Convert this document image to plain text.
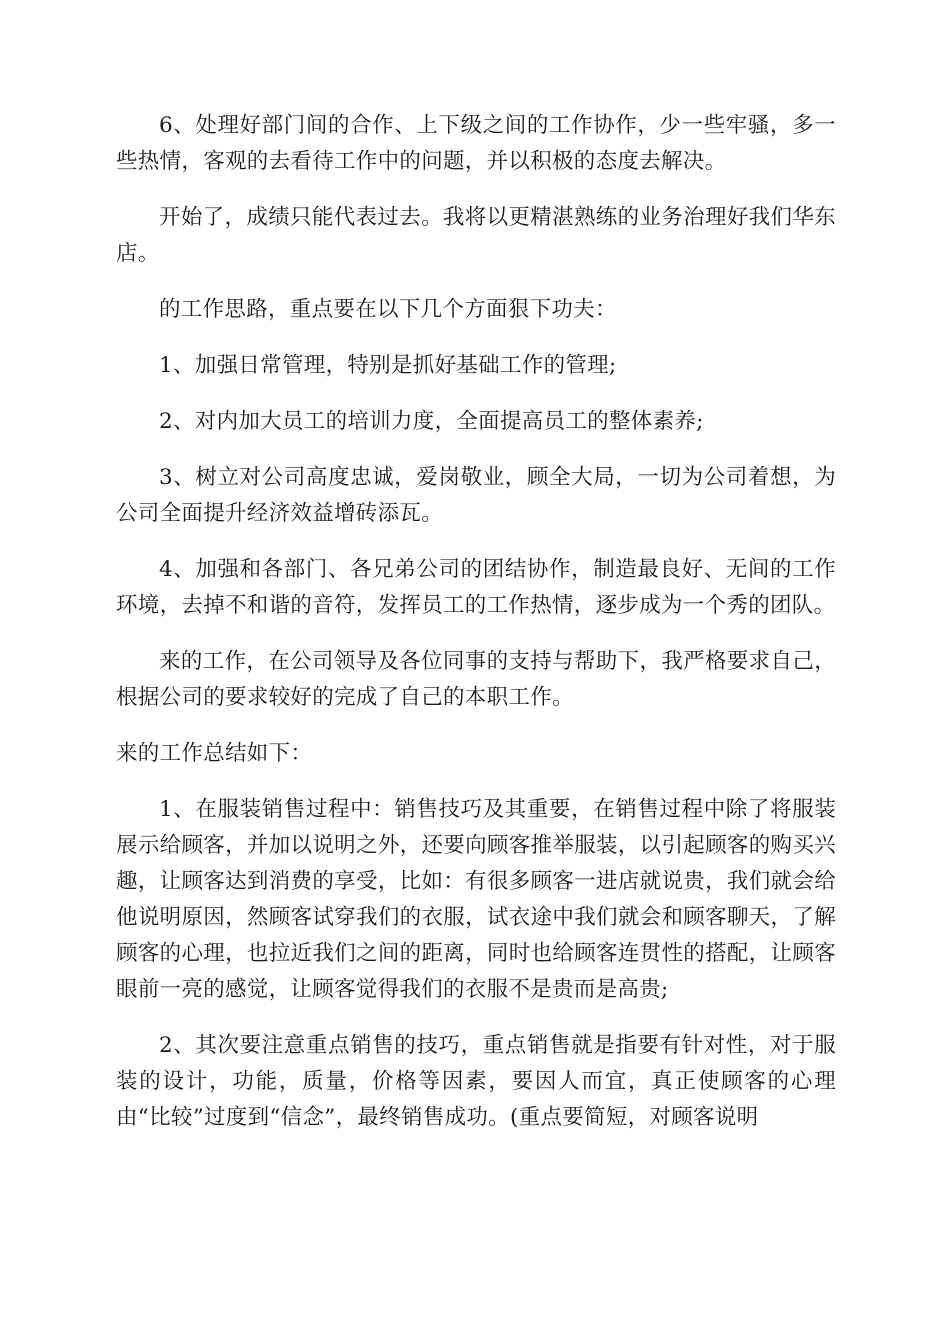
6、处理好部门间的合作、上下级之间的工作协作，少一些牢骚，多一些热情，客观的去看待工作中的问题，并以积极的态度去解决。

开始了，成绩只能代表过去。我将以更精湛熟练的业务治理好我们华东店。

的工作思路，重点要在以下几个方面狠下功夫：

1、加强日常管理，特别是抓好基础工作的管理;

2、对内加大员工的培训力度，全面提高员工的整体素养;

3、树立对公司高度忠诚，爱岗敬业，顾全大局，一切为公司着想，为公司全面提升经济效益增砖添瓦。

4、加强和各部门、各兄弟公司的团结协作，制造最良好、无间的工作环境，去掉不和谐的音符，发挥员工的工作热情，逐步成为一个秀的团队。

来的工作，在公司领导及各位同事的支持与帮助下，我严格要求自己，根据公司的要求较好的完成了自己的本职工作。

来的工作总结如下：

1、在服装销售过程中：销售技巧及其重要，在销售过程中除了将服装展示给顾客，并加以说明之外，还要向顾客推举服装，以引起顾客的购买兴趣，让顾客达到消费的享受，比如：有很多顾客一进店就说贵，我们就会给他说明原因，然顾客试穿我们的衣服，试衣途中我们就会和顾客聊天，了解顾客的心理，也拉近我们之间的距离，同时也给顾客连贯性的搭配，让顾客眼前一亮的感觉，让顾客觉得我们的衣服不是贵而是高贵;

2、其次要注意重点销售的技巧，重点销售就是指要有针对性，对于服装的设计，功能，质量，价格等因素，要因人而宜，真正使顾客的心理由“比较”过度到“信念”，最终销售成功。(重点要简短，对顾客说明
